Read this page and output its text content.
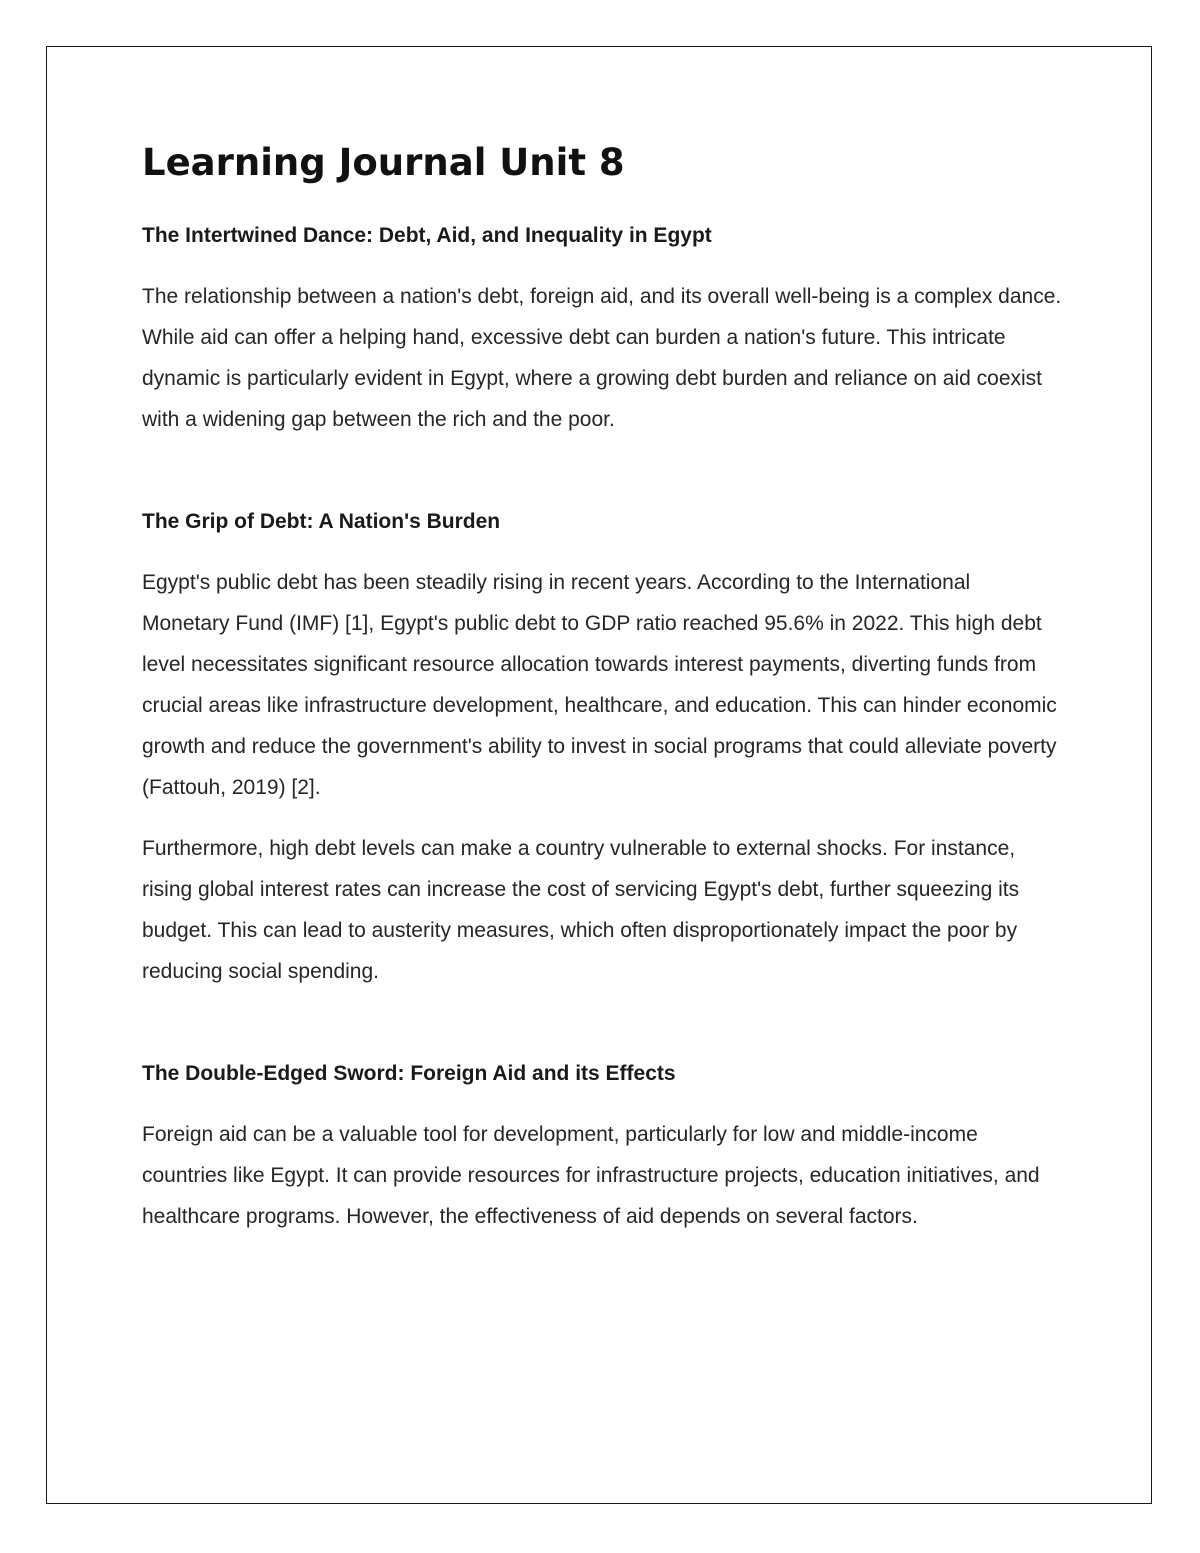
Learning Journal Unit 8

The Intertwined Dance: Debt, Aid, and Inequality in Egypt

The relationship between a nation's debt, foreign aid, and its overall well-being is a complex dance. While aid can offer a helping hand, excessive debt can burden a nation's future. This intricate dynamic is particularly evident in Egypt, where a growing debt burden and reliance on aid coexist with a widening gap between the rich and the poor.

The Grip of Debt: A Nation's Burden

Egypt's public debt has been steadily rising in recent years. According to the International Monetary Fund (IMF) [1], Egypt's public debt to GDP ratio reached 95.6% in 2022. This high debt level necessitates significant resource allocation towards interest payments, diverting funds from crucial areas like infrastructure development, healthcare, and education. This can hinder economic growth and reduce the government's ability to invest in social programs that could alleviate poverty (Fattouh, 2019) [2].

Furthermore, high debt levels can make a country vulnerable to external shocks. For instance, rising global interest rates can increase the cost of servicing Egypt's debt, further squeezing its budget. This can lead to austerity measures, which often disproportionately impact the poor by reducing social spending.

The Double-Edged Sword: Foreign Aid and its Effects

Foreign aid can be a valuable tool for development, particularly for low and middle-income countries like Egypt. It can provide resources for infrastructure projects, education initiatives, and healthcare programs. However, the effectiveness of aid depends on several factors.
